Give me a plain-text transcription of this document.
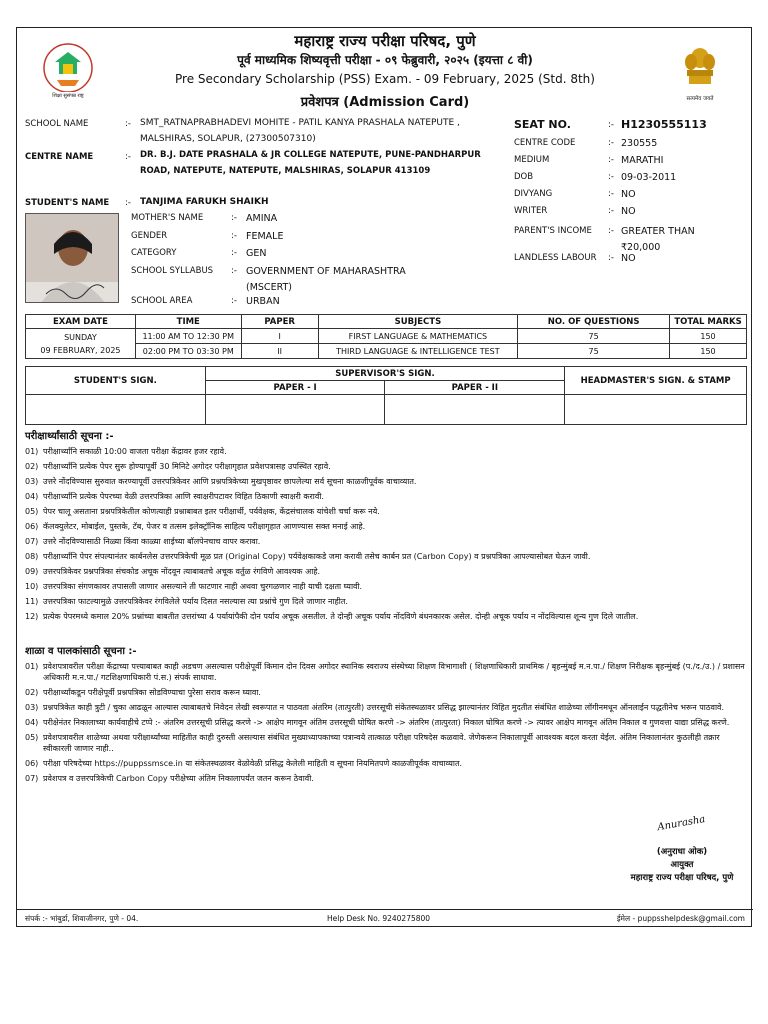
शिक्षा सुसंपन्न राष्ट्र	सत्यमेव जयते
महाराष्ट्र राज्य परीक्षा परिषद, पुणे
पूर्व माध्यमिक शिष्यवृत्ती परीक्षा - ०९ फेब्रुवारी, २०२५ (इयत्ता ८ वी)
Pre Secondary Scholarship (PSS) Exam. - 09 February, 2025 (Std. 8th)
प्रवेशपत्र (Admission Card)
SCHOOL NAME	:- SMT_RATNAPRABHADEVI MOHITE - PATIL KANYA PRASHALA NATEPUTE , MALSHIRAS, SOLAPUR, (27300507310)
CENTRE NAME	:- DR. B.J. DATE PRASHALA & JR COLLEGE NATEPUTE, PUNE-PANDHARPUR ROAD, NATEPUTE, NATEPUTE, MALSHIRAS, SOLAPUR 413109
STUDENT'S NAME :- TANJIMA FARUKH SHAIKH
MOTHER'S NAME	:- AMINA
GENDER	:- FEMALE
CATEGORY	:- GEN
SCHOOL SYLLABUS :- GOVERNMENT OF MAHARASHTRA (MSCERT)
SCHOOL AREA	:- URBAN
SEAT NO.	:- H1230555113
CENTRE CODE	:- 230555
MEDIUM	:- MARATHI
DOB	:- 09-03-2011
DIVYANG	:- NO
WRITER	:- NO
PARENT'S INCOME :- GREATER THAN ₹20,000
LANDLESS LABOUR :- NO
EXAM DATE	TIME	PAPER	SUBJECTS	NO. OF QUESTIONS	TOTAL MARKS

SUNDAY
09 FEBRUARY, 2025	11:00 AM TO 12:30 PM	I	FIRST LANGUAGE & MATHEMATICS	75	150
	02:00 PM TO 03:30 PM	II	THIRD LANGUAGE & INTELLIGENCE TEST	75	150
STUDENT'S SIGN.	SUPERVISOR'S SIGN.		HEADMASTER'S SIGN. & STAMP
	PAPER - I	PAPER - II	

परीक्षार्थ्यांसाठी सूचना :-
01) परीक्षार्थ्यांनि सकाळी 10:00 वाजता परीक्षा केंद्रावर हजर रहावे.
02) परीक्षार्थ्यांनि प्रत्येक पेपर सुरू होण्यापूर्वी 30 मिनिटे अगोदर परीक्षागृहात प्रवेशपत्रासह उपस्थित रहावे.
03) उत्तरे नोंदविण्यास सुरुवात करण्यापूर्वी उत्तरपत्रिकेवर आणि प्रश्नपत्रिकेच्या मुखपृष्ठावर छापलेल्या सर्व सूचना काळजीपूर्वक वाचाव्यात.
04) परीक्षार्थ्यांनि प्रत्येक पेपरच्या वेळी उत्तरपत्रिका आणि स्वाक्षरीपटावर विहित ठिकाणी स्वाक्षरी करावी.
05) पेपर चालू असताना प्रश्नपत्रिकेतील कोणत्याही प्रश्नाबाबत इतर परीक्षार्थी, पर्यवेक्षक, केंद्रसंचालक यांचेशी चर्चा करू नये.
06) कॅलक्युलेटर, मोबाईल, पुस्तके, टॅब, पेजर व तत्सम इलेक्ट्रॉनिक साहित्य परीक्षागृहात आणण्यास सक्त मनाई आहे.
07) उत्तरे नोंदविण्यासाठी निळ्या किंवा काळ्या शाईच्या बॉलपेनचाच वापर करावा.
08) परीक्षार्थ्यांनि पेपर संपल्यानंतर कार्बनलेस उत्तरपत्रिकेची मूळ प्रत (Original Copy) पर्यवेक्षकाकडे जमा करावी तसेच कार्बन प्रत (Carbon Copy) व प्रश्नपत्रिका आपल्यासोबत घेऊन जावी.
09) उत्तरपत्रिकेवर प्रश्नपत्रिका संचकोड अचूक नोंदवून त्याबाबतचे अचूक वर्तुळ रंगविणे आवश्यक आहे.
10) उत्तरपत्रिका संगणकावर तपासली जाणार असल्याने ती फाटणार नाही अथवा चुरगळणार नाही याची दक्षता घ्यावी.
11) उत्तरपत्रिका फाटल्यामुळे उत्तरपत्रिकेवर रंगविलेले पर्याय दिसत नसल्यास त्या प्रश्नांचे गुण दिले जाणार नाहीत.
12) प्रत्येक पेपरमध्ये कमाल 20% प्रश्नांच्या बाबतीत उत्तरांच्या 4 पर्यायांपैकी दोन पर्याय अचूक असतील. ते दोन्ही अचूक पर्याय नोंदविणे बंधनकारक असेल. दोन्ही अचूक पर्याय न नोंदविल्यास शून्य गुण दिले जातील.
शाळा व पालकांसाठी सूचना :-
01) प्रवेशपत्रावरील परीक्षा केंद्राच्या पत्त्याबाबत काही अडचण असल्यास परीक्षेपूर्वी किमान दोन दिवस अगोदर स्थानिक स्वराज्य संस्थेच्या शिक्षण विभागाशी ( शिक्षणाधिकारी प्राथमिक / बृहन्मुंबई म.न.पा./ शिक्षण निरीक्षक बृहन्मुंबई (प./द./उ.) / प्रशासन अधिकारी म.न.पा./ गटशिक्षणाधिकारी पं.स.) संपर्क साधावा.
02) परीक्षार्थ्यांकडून परीक्षेपूर्वी प्रश्नपत्रिका सोडविण्याचा पुरेसा सराव करून घ्यावा.
03) प्रश्नपत्रिकेत काही त्रुटी / चुका आढळून आल्यास त्याबाबतचे निवेदन लेखी स्वरूपात न पाठवता अंतरिम (तात्पुरती) उत्तरसूची संकेतस्थळावर प्रसिद्ध झाल्यानंतर विहित मुदतीत संबंधित शाळेच्या लॉगीनमधून ऑनलाईन पद्धतीनेच भरून पाठवावे.
04) परीक्षेनंतर निकालाच्या कार्यवाहीचे टप्पे :- अंतरिम उत्तरसूची प्रसिद्ध करणे -> आक्षेप मागवून अंतिम उत्तरसूची घोषित करणे -> अंतरिम (तात्पुरता) निकाल घोषित करणे -> त्यावर आक्षेप मागवून अंतिम निकाल व गुणवत्ता याद्या प्रसिद्ध करणे.
05) प्रवेशपत्रावरील शाळेच्या अथवा परीक्षार्थ्यांच्या माहितीत काही दुरुस्ती असल्यास संबंधित मुख्याध्यापकाच्या पत्रान्वये तात्काळ परीक्षा परिषदेस कळवावे. जेणेकरून निकालापूर्वी आवश्यक बदल करता येईल. अंतिम निकालानंतर कुठलीही तक्रार स्वीकारली जाणार नाही..
06) परीक्षा परिषदेच्या https://puppssmsce.in या संकेतस्थळावर वेळोवेळी प्रसिद्ध केलेली माहिती व सूचना नियमितपणे काळजीपूर्वक वाचाव्यात.
07) प्रवेशपत्र व उत्तरपत्रिकेची Carbon Copy परीक्षेच्या अंतिम निकालापर्यंत जतन करून ठेवावी.
Anurasha
(अनुराधा ओक)
आयुक्त
महाराष्ट्र राज्य परीक्षा परिषद, पुणे
संपर्क :- भांबुर्डा, शिवाजीनगर, पुणे - 04.	Help Desk No. 9240275800	ईमेल - puppsshelpdesk@gmail.com
